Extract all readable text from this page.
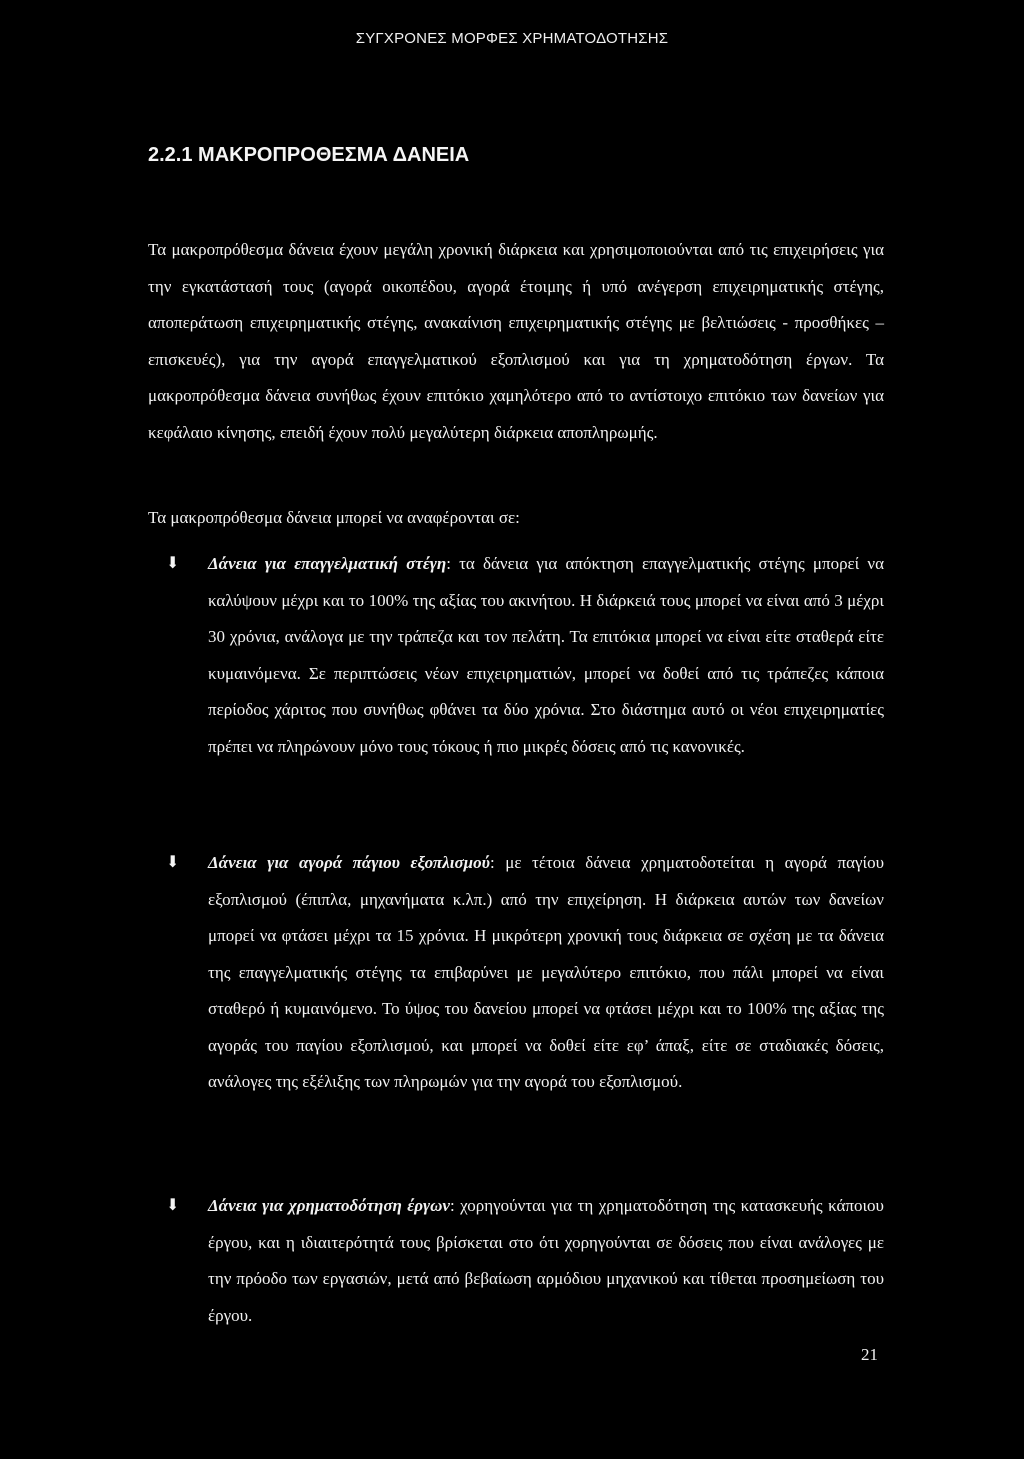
ΣΥΓΧΡΟΝΕΣ ΜΟΡΦΕΣ ΧΡΗΜΑΤΟΔΟΤΗΣΗΣ
2.2.1 ΜΑΚΡΟΠΡΟΘΕΣΜΑ ΔΑΝΕΙΑ

Τα μακροπρόθεσμα δάνεια έχουν μεγάλη χρονική διάρκεια και χρησιμοποιούνται από τις επιχειρήσεις για την εγκατάστασή τους (αγορά οικοπέδου, αγορά έτοιμης ή υπό ανέγερση επιχειρηματικής στέγης, αποπεράτωση επιχειρηματικής στέγης, ανακαίνιση επιχειρηματικής στέγης με βελτιώσεις - προσθήκες – επισκευές), για την αγορά επαγγελματικού εξοπλισμού και για τη χρηματοδότηση έργων. Τα μακροπρόθεσμα δάνεια συνήθως έχουν επιτόκιο χαμηλότερο από το αντίστοιχο επιτόκιο των δανείων για κεφάλαιο κίνησης, επειδή έχουν πολύ μεγαλύτερη διάρκεια αποπληρωμής.

Τα μακροπρόθεσμα δάνεια μπορεί να αναφέρονται σε:

⬇	Δάνεια για επαγγελματική στέγη: τα δάνεια για απόκτηση επαγγελματικής στέγης μπορεί να καλύψουν μέχρι και το 100% της αξίας του ακινήτου. Η διάρκειά τους μπορεί να είναι από 3 μέχρι 30 χρόνια, ανάλογα με την τράπεζα και τον πελάτη. Τα επιτόκια μπορεί να είναι είτε σταθερά είτε κυμαινόμενα. Σε περιπτώσεις νέων επιχειρηματιών, μπορεί να δοθεί από τις τράπεζες κάποια περίοδος χάριτος που συνήθως φθάνει τα δύο χρόνια. Στο διάστημα αυτό οι νέοι επιχειρηματίες πρέπει να πληρώνουν μόνο τους τόκους ή πιο μικρές δόσεις από τις κανονικές.
⬇	Δάνεια για αγορά πάγιου εξοπλισμού: με τέτοια δάνεια χρηματοδοτείται η αγορά παγίου εξοπλισμού (έπιπλα, μηχανήματα κ.λπ.) από την επιχείρηση. Η διάρκεια αυτών των δανείων μπορεί να φτάσει μέχρι τα 15 χρόνια. Η μικρότερη χρονική τους διάρκεια σε σχέση με τα δάνεια της επαγγελματικής στέγης τα επιβαρύνει με μεγαλύτερο επιτόκιο, που πάλι μπορεί να είναι σταθερό ή κυμαινόμενο. Το ύψος του δανείου μπορεί να φτάσει μέχρι και το 100% της αξίας της αγοράς του παγίου εξοπλισμού, και μπορεί να δοθεί είτε εφ’ άπαξ, είτε σε σταδιακές δόσεις, ανάλογες της εξέλιξης των πληρωμών για την αγορά του εξοπλισμού.
⬇	Δάνεια για χρηματοδότηση έργων: χορηγούνται για τη χρηματοδότηση της κατασκευής κάποιου έργου, και η ιδιαιτερότητά τους βρίσκεται στο ότι χορηγούνται σε δόσεις που είναι ανάλογες με την πρόοδο των εργασιών, μετά από βεβαίωση αρμόδιου μηχανικού και τίθεται προσημείωση του έργου.
21
